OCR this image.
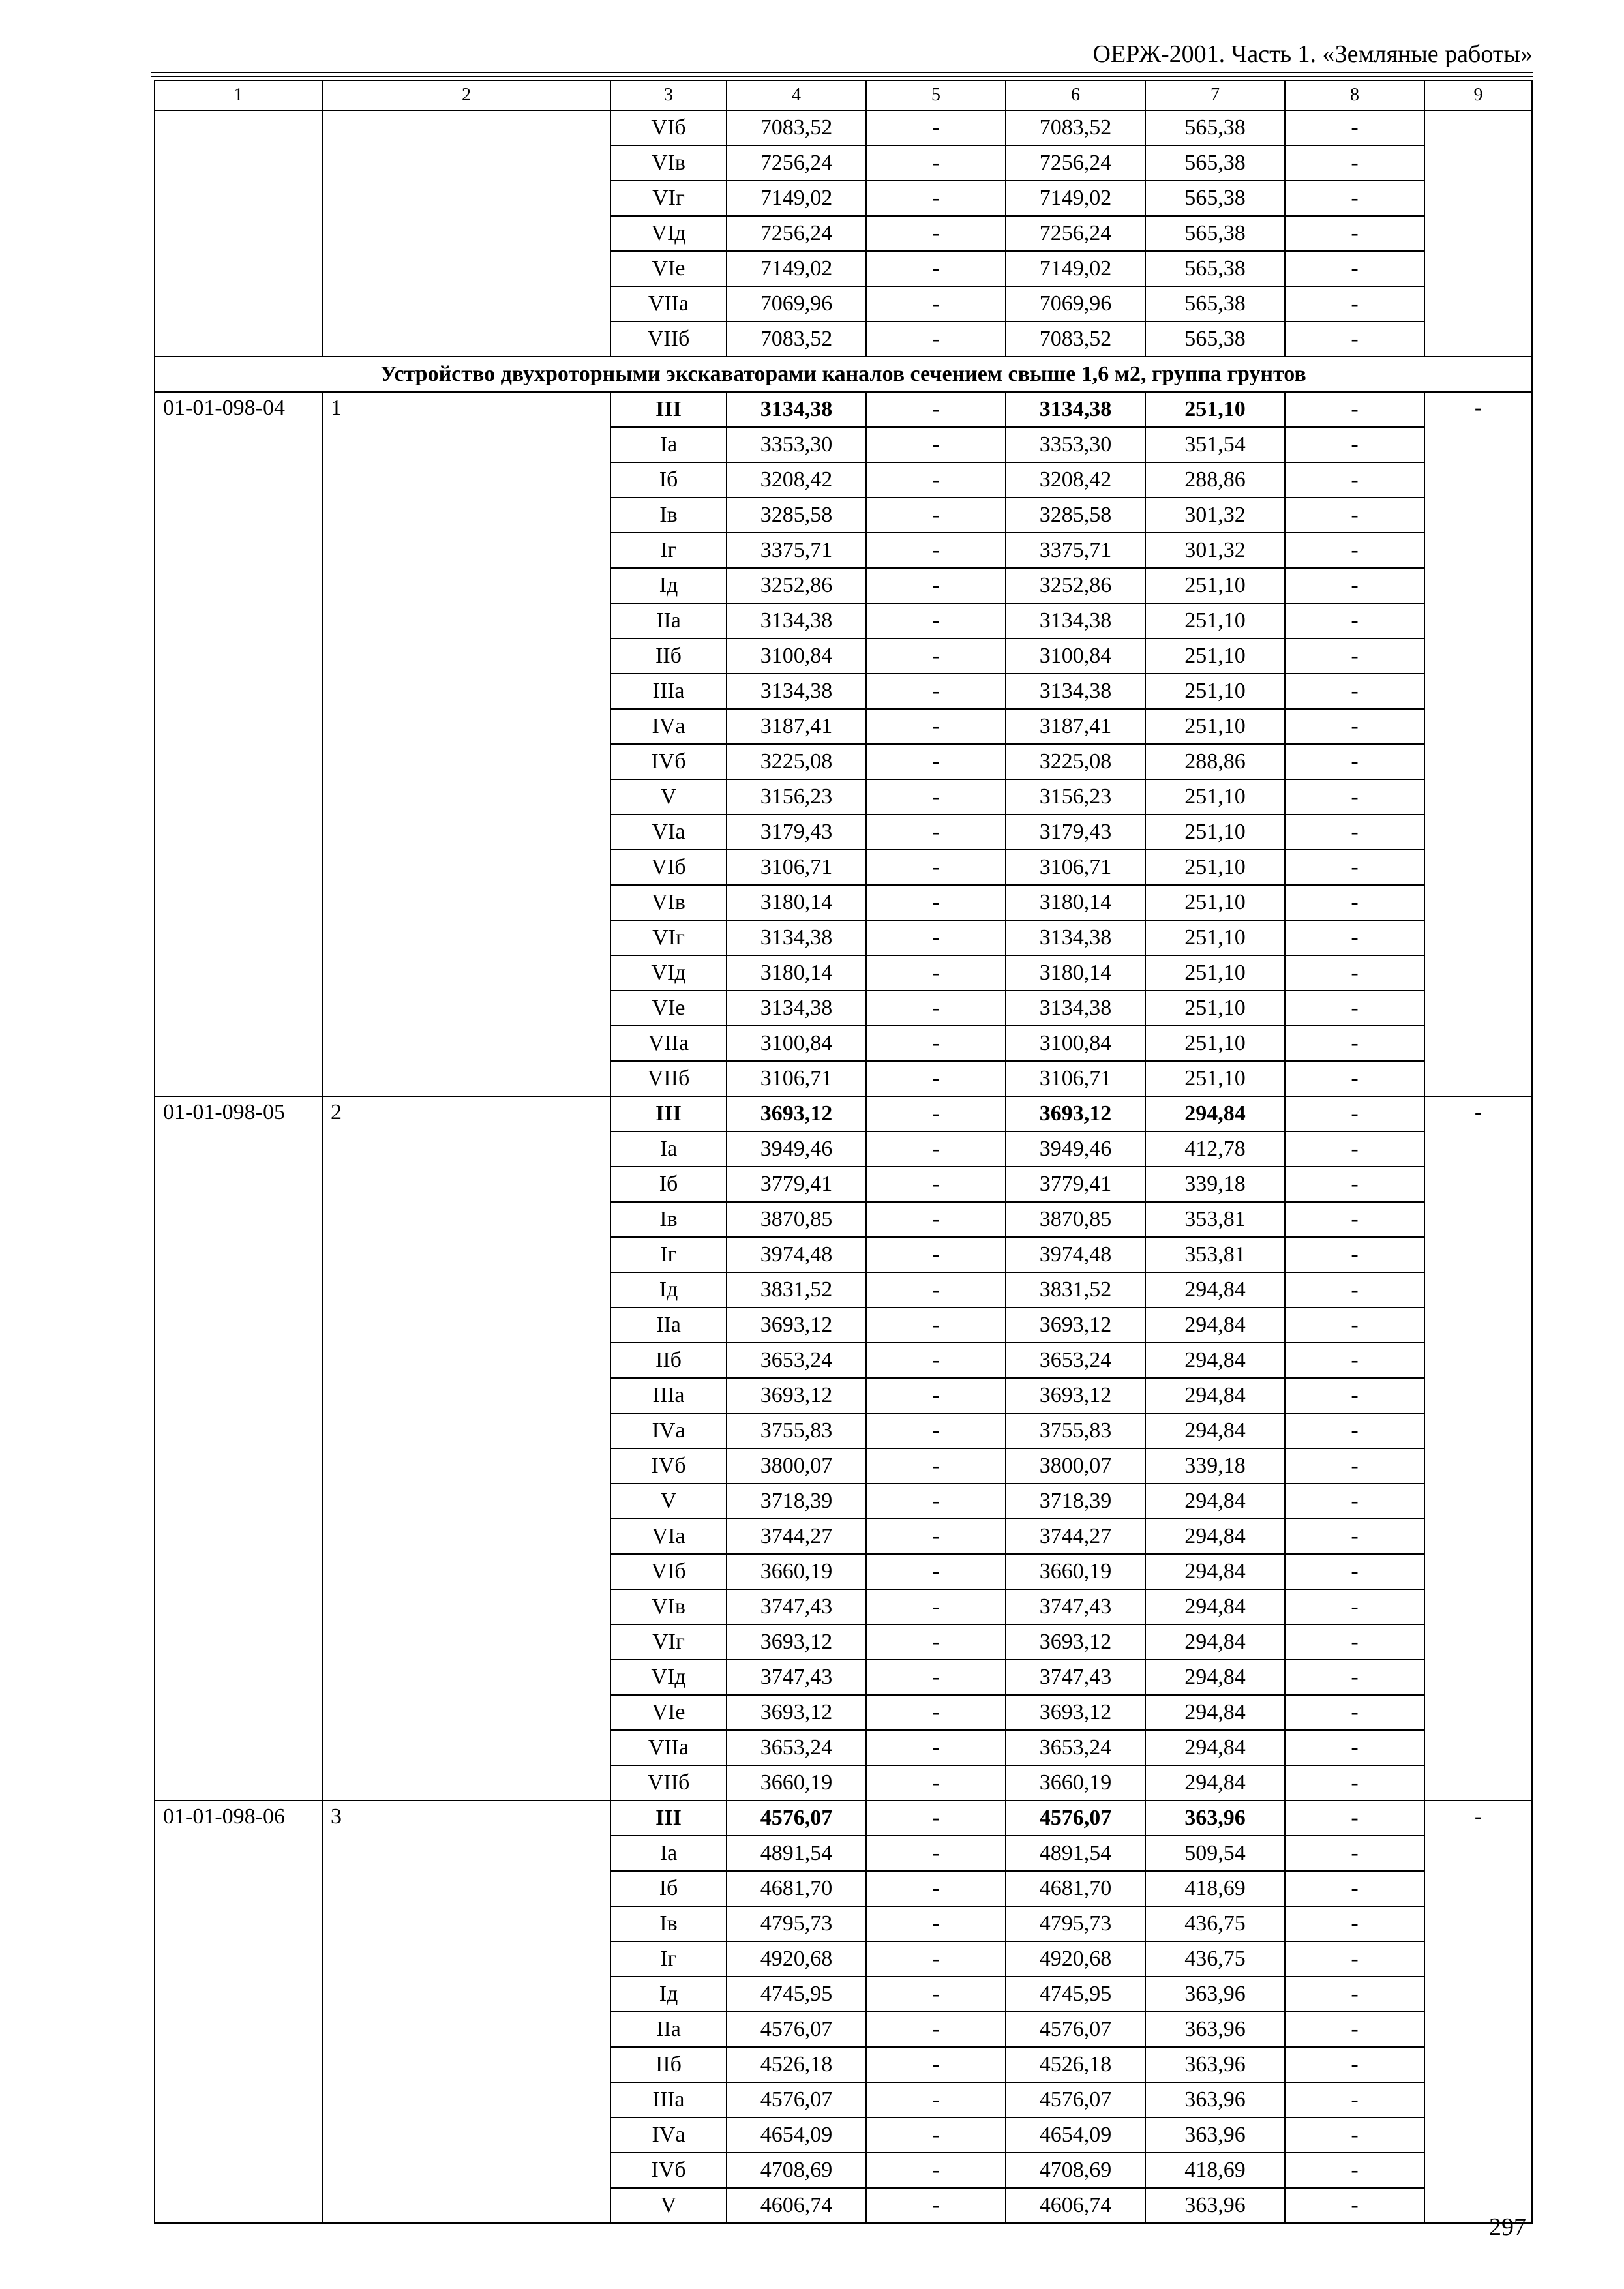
ОЕРЖ-2001. Часть 1. «Земляные работы»
1	2	3	4	5	6	7	8	9
		VIб	7083,52	-	7083,52	565,38	-	
		VIв	7256,24	-	7256,24	565,38	-	
		VIг	7149,02	-	7149,02	565,38	-	
		VIд	7256,24	-	7256,24	565,38	-	
		VIе	7149,02	-	7149,02	565,38	-	
		VIIа	7069,96	-	7069,96	565,38	-	
		VIIб	7083,52	-	7083,52	565,38	-	
Устройство двухроторными экскаваторами каналов сечением свыше 1,6 м2, группа грунтов								
01-01-098-04	1	III	3134,38	-	3134,38	251,10	-	-
		Iа	3353,30	-	3353,30	351,54	-	
		Iб	3208,42	-	3208,42	288,86	-	
		Iв	3285,58	-	3285,58	301,32	-	
		Iг	3375,71	-	3375,71	301,32	-	
		Iд	3252,86	-	3252,86	251,10	-	
		IIа	3134,38	-	3134,38	251,10	-	
		IIб	3100,84	-	3100,84	251,10	-	
		IIIа	3134,38	-	3134,38	251,10	-	
		IVа	3187,41	-	3187,41	251,10	-	
		IVб	3225,08	-	3225,08	288,86	-	
		V	3156,23	-	3156,23	251,10	-	
		VIа	3179,43	-	3179,43	251,10	-	
		VIб	3106,71	-	3106,71	251,10	-	
		VIв	3180,14	-	3180,14	251,10	-	
		VIг	3134,38	-	3134,38	251,10	-	
		VIд	3180,14	-	3180,14	251,10	-	
		VIе	3134,38	-	3134,38	251,10	-	
		VIIа	3100,84	-	3100,84	251,10	-	
		VIIб	3106,71	-	3106,71	251,10	-	
01-01-098-05	2	III	3693,12	-	3693,12	294,84	-	-
		Iа	3949,46	-	3949,46	412,78	-	
		Iб	3779,41	-	3779,41	339,18	-	
		Iв	3870,85	-	3870,85	353,81	-	
		Iг	3974,48	-	3974,48	353,81	-	
		Iд	3831,52	-	3831,52	294,84	-	
		IIа	3693,12	-	3693,12	294,84	-	
		IIб	3653,24	-	3653,24	294,84	-	
		IIIа	3693,12	-	3693,12	294,84	-	
		IVа	3755,83	-	3755,83	294,84	-	
		IVб	3800,07	-	3800,07	339,18	-	
		V	3718,39	-	3718,39	294,84	-	
		VIа	3744,27	-	3744,27	294,84	-	
		VIб	3660,19	-	3660,19	294,84	-	
		VIв	3747,43	-	3747,43	294,84	-	
		VIг	3693,12	-	3693,12	294,84	-	
		VIд	3747,43	-	3747,43	294,84	-	
		VIе	3693,12	-	3693,12	294,84	-	
		VIIа	3653,24	-	3653,24	294,84	-	
		VIIб	3660,19	-	3660,19	294,84	-	
01-01-098-06	3	III	4576,07	-	4576,07	363,96	-	-
		Iа	4891,54	-	4891,54	509,54	-	
		Iб	4681,70	-	4681,70	418,69	-	
		Iв	4795,73	-	4795,73	436,75	-	
		Iг	4920,68	-	4920,68	436,75	-	
		Iд	4745,95	-	4745,95	363,96	-	
		IIа	4576,07	-	4576,07	363,96	-	
		IIб	4526,18	-	4526,18	363,96	-	
		IIIа	4576,07	-	4576,07	363,96	-	
		IVа	4654,09	-	4654,09	363,96	-	
		IVб	4708,69	-	4708,69	418,69	-	
		V	4606,74	-	4606,74	363,96	-	
297
